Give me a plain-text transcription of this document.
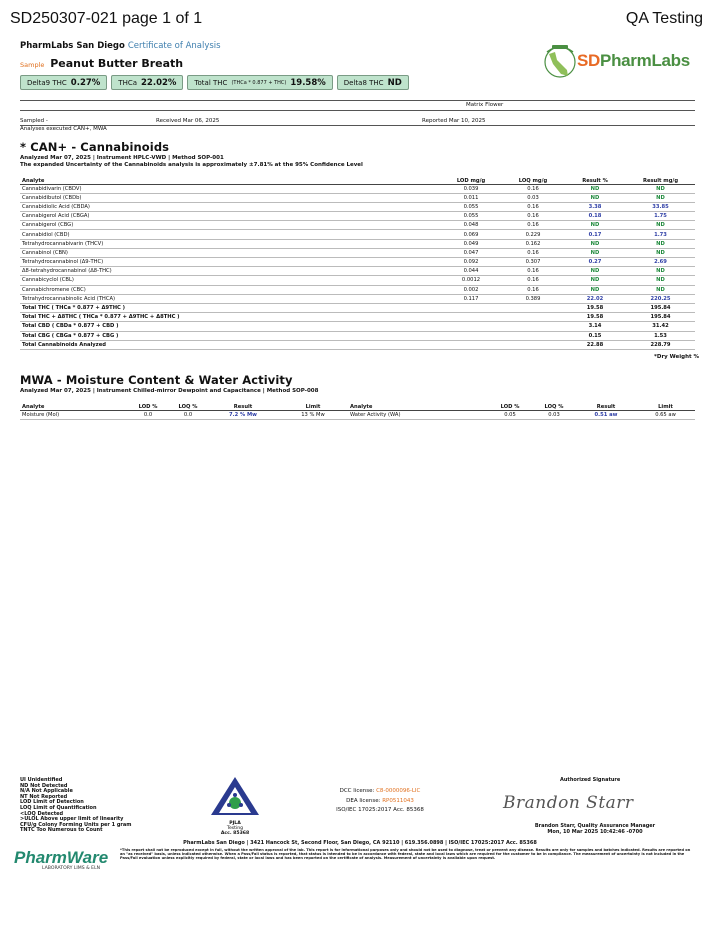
SD250307-021 page 1 of 1	QA Testing
PharmLabs San Diego Certificate of Analysis
Sample Peanut Butter Breath
Delta9 THC 0.27%	THCa 22.02%	Total THC (THCa * 0.877 + THC) 19.58%	Delta8 THC ND
SDPharmLabs
Matrix Flower
Sampled -	Received Mar 06, 2025	Reported Mar 10, 2025
Analyses executed CAN+, MWA
* CAN+ - Cannabinoids
Analyzed Mar 07, 2025 | Instrument HPLC-VWD | Method SOP-001
The expanded Uncertainty of the Cannabinoids analysis is approximately ±7.81% at the 95% Confidence Level
Analyte	LOD mg/g	LOQ mg/g	Result %	Result mg/g
Cannabidivarin (CBDV)	0.039	0.16	ND	ND
Cannabidibutol (CBDb)	0.011	0.03	ND	ND
Cannabidiolic Acid (CBDA)	0.055	0.16	3.38	33.85
Cannabigerol Acid (CBGA)	0.055	0.16	0.18	1.75
Cannabigerol (CBG)	0.048	0.16	ND	ND
Cannabidiol (CBD)	0.069	0.229	0.17	1.73
Tetrahydrocannabivarin (THCV)	0.049	0.162	ND	ND
Cannabinol (CBN)	0.047	0.16	ND	ND
Tetrahydrocannabinol (Δ9-THC)	0.092	0.307	0.27	2.69
Δ8-tetrahydrocannabinol (Δ8-THC)	0.044	0.16	ND	ND
Cannabicyclol (CBL)	0.0012	0.16	ND	ND
Cannabichromene (CBC)	0.002	0.16	ND	ND
Tetrahydrocannabinolic Acid (THCA)	0.117	0.389	22.02	220.25
Total THC ( THCa * 0.877 + Δ9THC )			19.58	195.84
Total THC + Δ8THC ( THCa * 0.877 + Δ9THC + Δ8THC )			19.58	195.84
Total CBD ( CBDa * 0.877 + CBD )			3.14	31.42
Total CBG ( CBGa * 0.877 + CBG )			0.15	1.53
Total Cannabinoids Analyzed			22.88	228.79
*Dry Weight %
MWA - Moisture Content & Water Activity
Analyzed Mar 07, 2025 | Instrument Chilled-mirror Dewpoint and Capacitance | Method SOP-008
Analyte	LOD %	LOQ %	Result	Limit	Analyte	LOD %	LOQ %	Result	Limit
Moisture (Mol)	0.0	0.0	7.2 % Mw	13 % Mw	Water Activity (WA)	0.05	0.03	0.51 aw	0.65 aw
UI Unidentified
ND Not Detected
N/A Not Applicable
NT Not Reported
LOD Limit of Detection
LOQ Limit of Quantification
<LOQ Detected
>ULOL Above upper limit of linearity
CFU/g Colony Forming Units per 1 gram
TNTC Too Numerous to Count
PJLA
Testing
Acc. 85368
DCC license: C8-0000096-LIC
DEA license: RP0511043
ISO/IEC 17025:2017 Acc. 85368
Authorized Signature
Brandon Starr
Brandon Starr, Quality Assurance Manager
Mon, 10 Mar 2025 10:42:46 -0700
PharmLabs San Diego | 3421 Hancock St, Second Floor, San Diego, CA 92110 | 619.356.0898 | ISO/IEC 17025:2017 Acc. 85368
*This report shall not be reproduced except in full, without the written approval of the lab. This report is for informational purposes only and should not be used to diagnose, treat or prevent any disease. Results are only for samples and batches indicated. Results are reported on an "as received" basis, unless indicated otherwise. When a Pass/Fail status is reported, that status is intended to be in accordance with federal, state and local laws which are required for the customer to be in compliance. The measurement of uncertainty is not included in the Pass/Fail evaluation unless explicitly required by federal, state or local laws and has been reported on the certificate of analysis. Measurement of uncertainty is available upon request.
PharmWare
LABORATORY LIMS & ELN
